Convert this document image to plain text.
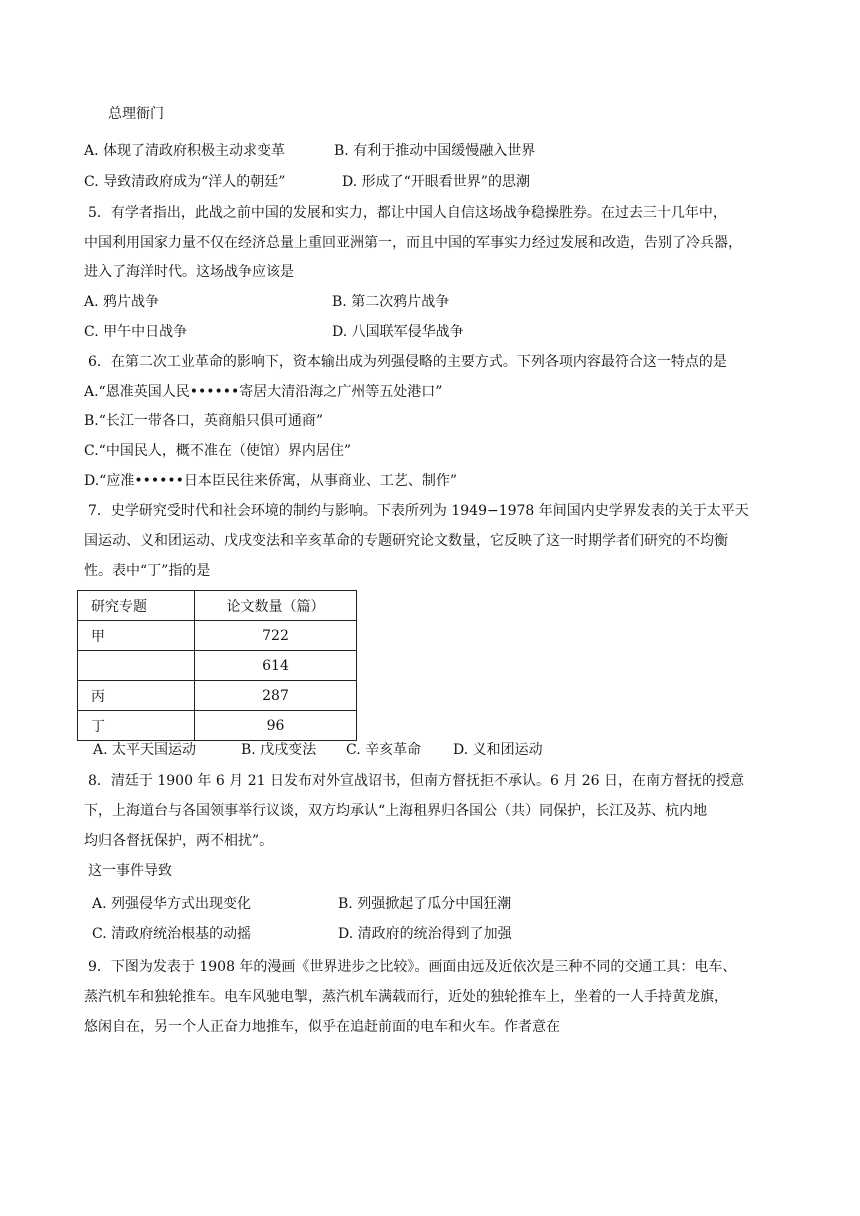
总理衙门
A. 体现了清政府积极主动求变革	B. 有利于推动中国缓慢融入世界
C. 导致清政府成为“洋人的朝廷”	D. 形成了“开眼看世界”的思潮
5．有学者指出，此战之前中国的发展和实力，都让中国人自信这场战争稳操胜券。在过去三十几年中，
中国利用国家力量不仅在经济总量上重回亚洲第一，而且中国的军事实力经过发展和改造，告别了冷兵器，
进入了海洋时代。这场战争应该是
A. 鸦片战争	B. 第二次鸦片战争
C. 甲午中日战争	D. 八国联军侵华战争
6．在第二次工业革命的影响下，资本输出成为列强侵略的主要方式。下列各项内容最符合这一特点的是
A.“恩准英国人民••••••寄居大清沿海之广州等五处港口”
B.“长江一带各口，英商船只俱可通商”
C.“中国民人，概不准在（使馆）界内居住”
D.“应准••••••日本臣民往来侨寓，从事商业、工艺、制作”
7．史学研究受时代和社会环境的制约与影响。下表所列为 1949−1978 年间国内史学界发表的关于太平天
国运动、义和团运动、戊戌变法和辛亥革命的专题研究论文数量，它反映了这一时期学者们研究的不均衡
性。表中“丁”指的是
研究专题	论文数量（篇）
甲	722
	614
丙	287
丁	96
A. 太平天国运动	B. 戊戌变法 C. 辛亥革命 D. 义和团运动
8．清廷于 1900 年 6 月 21 日发布对外宣战诏书，但南方督抚拒不承认。6 月 26 日，在南方督抚的授意
下，上海道台与各国领事举行议谈，双方均承认“上海租界归各国公（共）同保护，长江及苏、杭内地
均归各督抚保护，两不相扰”。
这一事件导致
A. 列强侵华方式出现变化	B. 列强掀起了瓜分中国狂潮
C. 清政府统治根基的动摇	D. 清政府的统治得到了加强
9．下图为发表于 1908 年的漫画《世界进步之比较》。画面由远及近依次是三种不同的交通工具：电车、
蒸汽机车和独轮推车。电车风驰电掣，蒸汽机车满载而行，近处的独轮推车上，坐着的一人手持黄龙旗，
悠闲自在，另一个人正奋力地推车，似乎在追赶前面的电车和火车。作者意在
